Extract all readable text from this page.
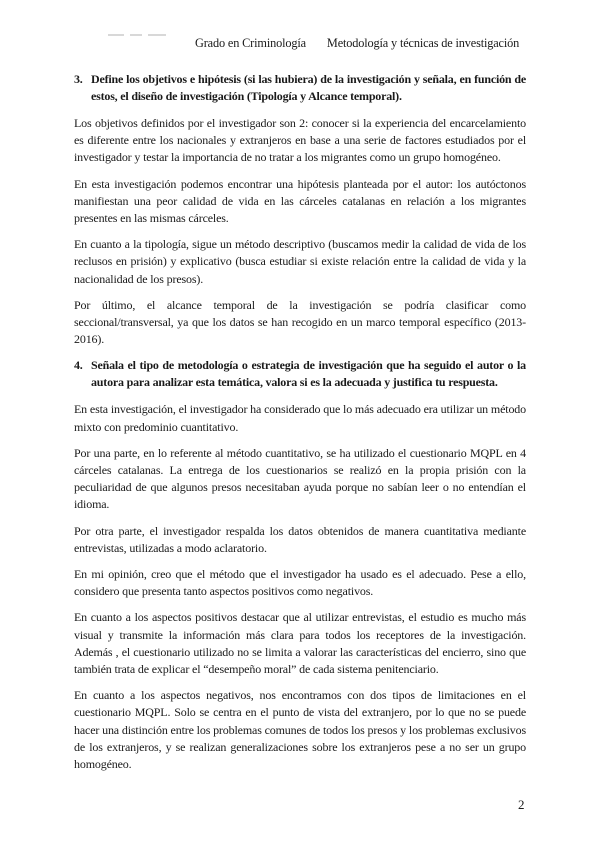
Grado en Criminología Metodología y técnicas de investigación
3. Define los objetivos e hipótesis (si las hubiera) de la investigación y señala, en función de estos, el diseño de investigación (Tipología y Alcance temporal).

Los objetivos definidos por el investigador son 2: conocer si la experiencia del encarcelamiento es diferente entre los nacionales y extranjeros en base a una serie de factores estudiados por el investigador y testar la importancia de no tratar a los migrantes como un grupo homogéneo.

En esta investigación podemos encontrar una hipótesis planteada por el autor: los autóctonos manifiestan una peor calidad de vida en las cárceles catalanas en relación a los migrantes presentes en las mismas cárceles.

En cuanto a la tipología, sigue un método descriptivo (buscamos medir la calidad de vida de los reclusos en prisión) y explicativo (busca estudiar si existe relación entre la calidad de vida y la nacionalidad de los presos).

Por último, el alcance temporal de la investigación se podría clasificar como seccional/transversal, ya que los datos se han recogido en un marco temporal específico (2013-2016).

4. Señala el tipo de metodología o estrategia de investigación que ha seguido el autor o la autora para analizar esta temática, valora si es la adecuada y justifica tu respuesta.

En esta investigación, el investigador ha considerado que lo más adecuado era utilizar un método mixto con predominio cuantitativo.

Por una parte, en lo referente al método cuantitativo, se ha utilizado el cuestionario MQPL en 4 cárceles catalanas. La entrega de los cuestionarios se realizó en la propia prisión con la peculiaridad de que algunos presos necesitaban ayuda porque no sabían leer o no entendían el idioma.

Por otra parte, el investigador respalda los datos obtenidos de manera cuantitativa mediante entrevistas, utilizadas a modo aclaratorio.

En mi opinión, creo que el método que el investigador ha usado es el adecuado. Pese a ello, considero que presenta tanto aspectos positivos como negativos.

En cuanto a los aspectos positivos destacar que al utilizar entrevistas, el estudio es mucho más visual y transmite la información más clara para todos los receptores de la investigación. Además , el cuestionario utilizado no se limita a valorar las características del encierro, sino que también trata de explicar el “desempeño moral” de cada sistema penitenciario.

En cuanto a los aspectos negativos, nos encontramos con dos tipos de limitaciones en el cuestionario MQPL. Solo se centra en el punto de vista del extranjero, por lo que no se puede hacer una distinción entre los problemas comunes de todos los presos y los problemas exclusivos de los extranjeros, y se realizan generalizaciones sobre los extranjeros pese a no ser un grupo homogéneo.

2
